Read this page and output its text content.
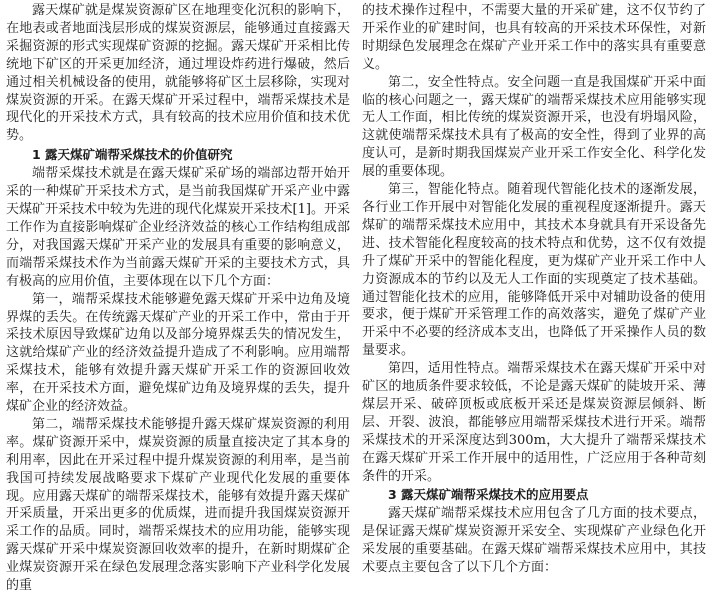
露天煤矿就是煤炭资源矿区在地理变化沉积的影响下，在地表或者地面浅层形成的煤炭资源层，能够通过直接露天采掘资源的形式实现煤矿资源的挖掘。露天煤矿开采相比传统地下矿区的开采更加经济，通过埋设炸药进行爆破，然后通过相关机械设备的使用，就能够将矿区土层移除，实现对煤炭资源的开采。在露天煤矿开采过程中，端帮采煤技术是现代化的开采技术方式，具有较高的技术应用价值和技术优势。

1 露天煤矿端帮采煤技术的价值研究

端帮采煤技术就是在露天煤矿采矿场的端部边帮开始开采的一种煤矿开采技术方式，是当前我国煤矿开采产业中露天煤矿开采技术中较为先进的现代化煤炭开采技术[1]。开采工作作为直接影响煤矿企业经济效益的核心工作结构组成部分，对我国露天煤矿开采产业的发展具有重要的影响意义，而端帮采煤技术作为当前露天煤矿开采的主要技术方式，具有极高的应用价值，主要体现在以下几个方面：

第一，端帮采煤技术能够避免露天煤矿开采中边角及境界煤的丢失。在传统露天煤矿产业的开采工作中，常由于开采技术原因导致煤矿边角以及部分境界煤丢失的情况发生，这就给煤矿产业的经济效益提升造成了不利影响。应用端帮采煤技术，能够有效提升露天煤矿开采工作的资源回收效率，在开采技术方面，避免煤矿边角及境界煤的丢失，提升煤矿企业的经济效益。

第二，端帮采煤技术能够提升露天煤矿煤炭资源的利用率。煤矿资源开采中，煤炭资源的质量直接决定了其本身的利用率，因此在开采过程中提升煤炭资源的利用率，是当前我国可持续发展战略要求下煤矿产业现代化发展的重要体现。应用露天煤矿的端帮采煤技术，能够有效提升露天煤矿开采质量，开采出更多的优质煤，进而提升我国煤炭资源开采工作的品质。同时，端帮采煤技术的应用功能，能够实现露天煤矿开采中煤炭资源回收效率的提升，在新时期煤矿企业煤炭资源开采在绿色发展理念落实影响下产业科学化发展的重

的技术操作过程中，不需要大量的开采矿建，这不仅节约了开采作业的矿建时间，也具有较高的开采技术环保性，对新时期绿色发展理念在煤矿产业开采工作中的落实具有重要意义。

第二，安全性特点。安全问题一直是我国煤矿开采中面临的核心问题之一，露天煤矿的端帮采煤技术应用能够实现无人工作面，相比传统的煤炭资源开采，也没有坍塌风险，这就使端帮采煤技术具有了极高的安全性，得到了业界的高度认可，是新时期我国煤炭产业开采工作安全化、科学化发展的重要体现。

第三，智能化特点。随着现代智能化技术的逐渐发展，各行业工作开展中对智能化发展的重视程度逐渐提升。露天煤矿的端帮采煤技术应用中，其技术本身就具有开采设备先进、技术智能化程度较高的技术特点和优势，这不仅有效提升了煤矿开采中的智能化程度，更为煤矿产业开采工作中人力资源成本的节约以及无人工作面的实现奠定了技术基础。通过智能化技术的应用，能够降低开采中对辅助设备的使用要求，便于煤矿开采管理工作的高效落实，避免了煤矿产业开采中不必要的经济成本支出，也降低了开采操作人员的数量要求。

第四，适用性特点。端帮采煤技术在露天煤矿开采中对矿区的地质条件要求较低，不论是露天煤矿的陡坡开采、薄煤层开采、破碎顶板或底板开采还是煤炭资源层倾斜、断层、开裂、波浪，都能够应用端帮采煤技术进行开采。端帮采煤技术的开采深度达到300m，大大提升了端帮采煤技术在露天煤矿开采工作开展中的适用性，广泛应用于各种苛刻条件的开采。

3 露天煤矿端帮采煤技术的应用要点

露天煤矿端帮采煤技术应用包含了几方面的技术要点，是保证露天煤矿煤炭资源开采安全、实现煤矿产业绿色化开采发展的重要基础。在露天煤矿端帮采煤技术应用中，其技术要点主要包含了以下几个方面：
